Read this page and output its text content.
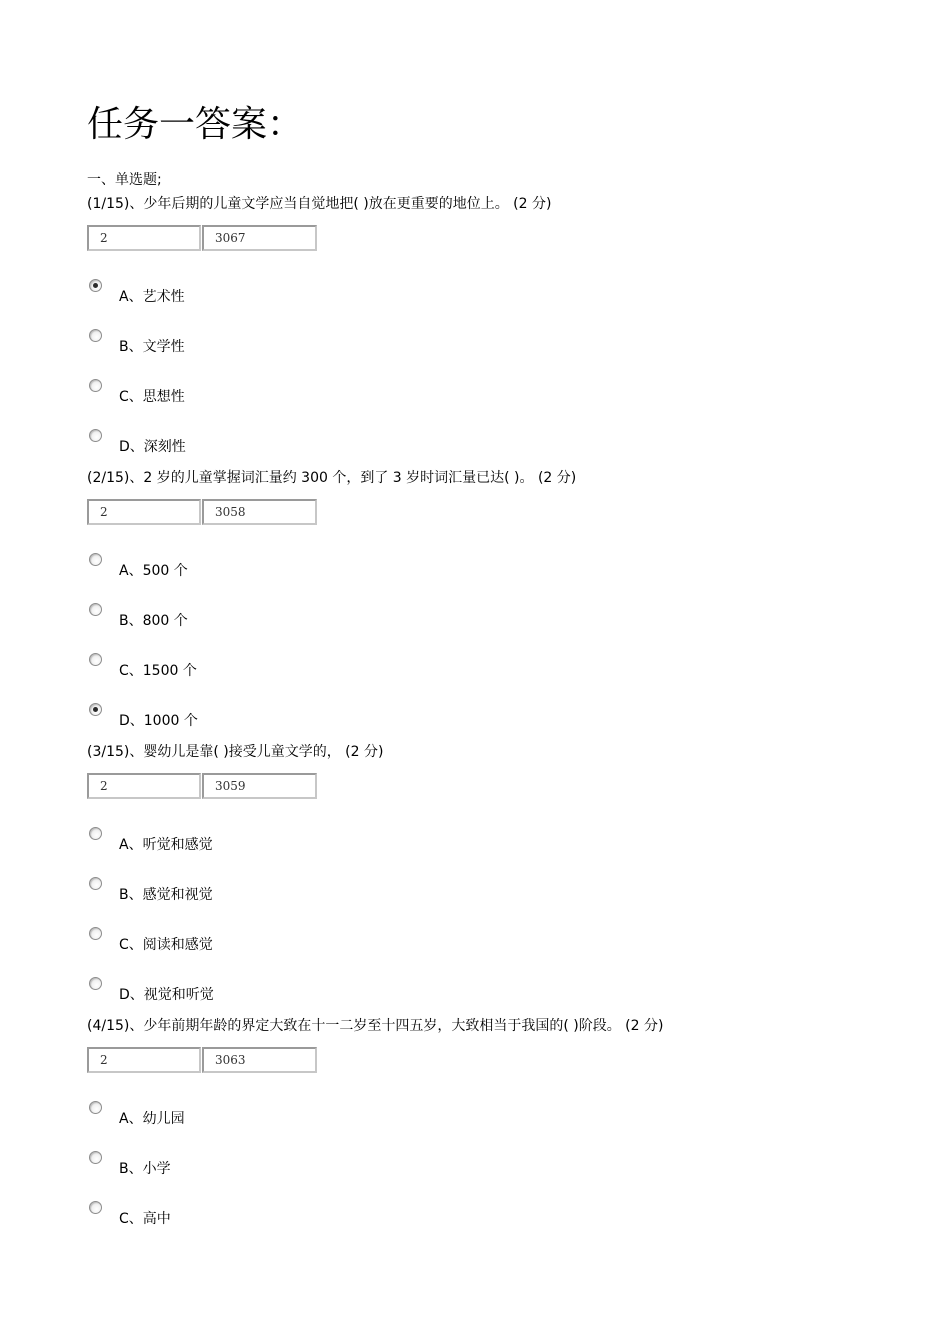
任务一答案：
一、单选题;
(1/15)、少年后期的儿童文学应当自觉地把( )放在更重要的地位上。 (2 分)
2	3067
A、艺术性
B、文学性
C、思想性
D、深刻性
(2/15)、2 岁的儿童掌握词汇量约 300 个，到了 3 岁时词汇量已达( )。 (2 分)
2	3058
A、500 个
B、800 个
C、1500 个
D、1000 个
(3/15)、婴幼儿是靠( )接受儿童文学的， (2 分)
2	3059
A、听觉和感觉
B、感觉和视觉
C、阅读和感觉
D、视觉和听觉
(4/15)、少年前期年龄的界定大致在十一二岁至十四五岁，大致相当于我国的( )阶段。 (2 分)
2	3063
A、幼儿园
B、小学
C、高中
